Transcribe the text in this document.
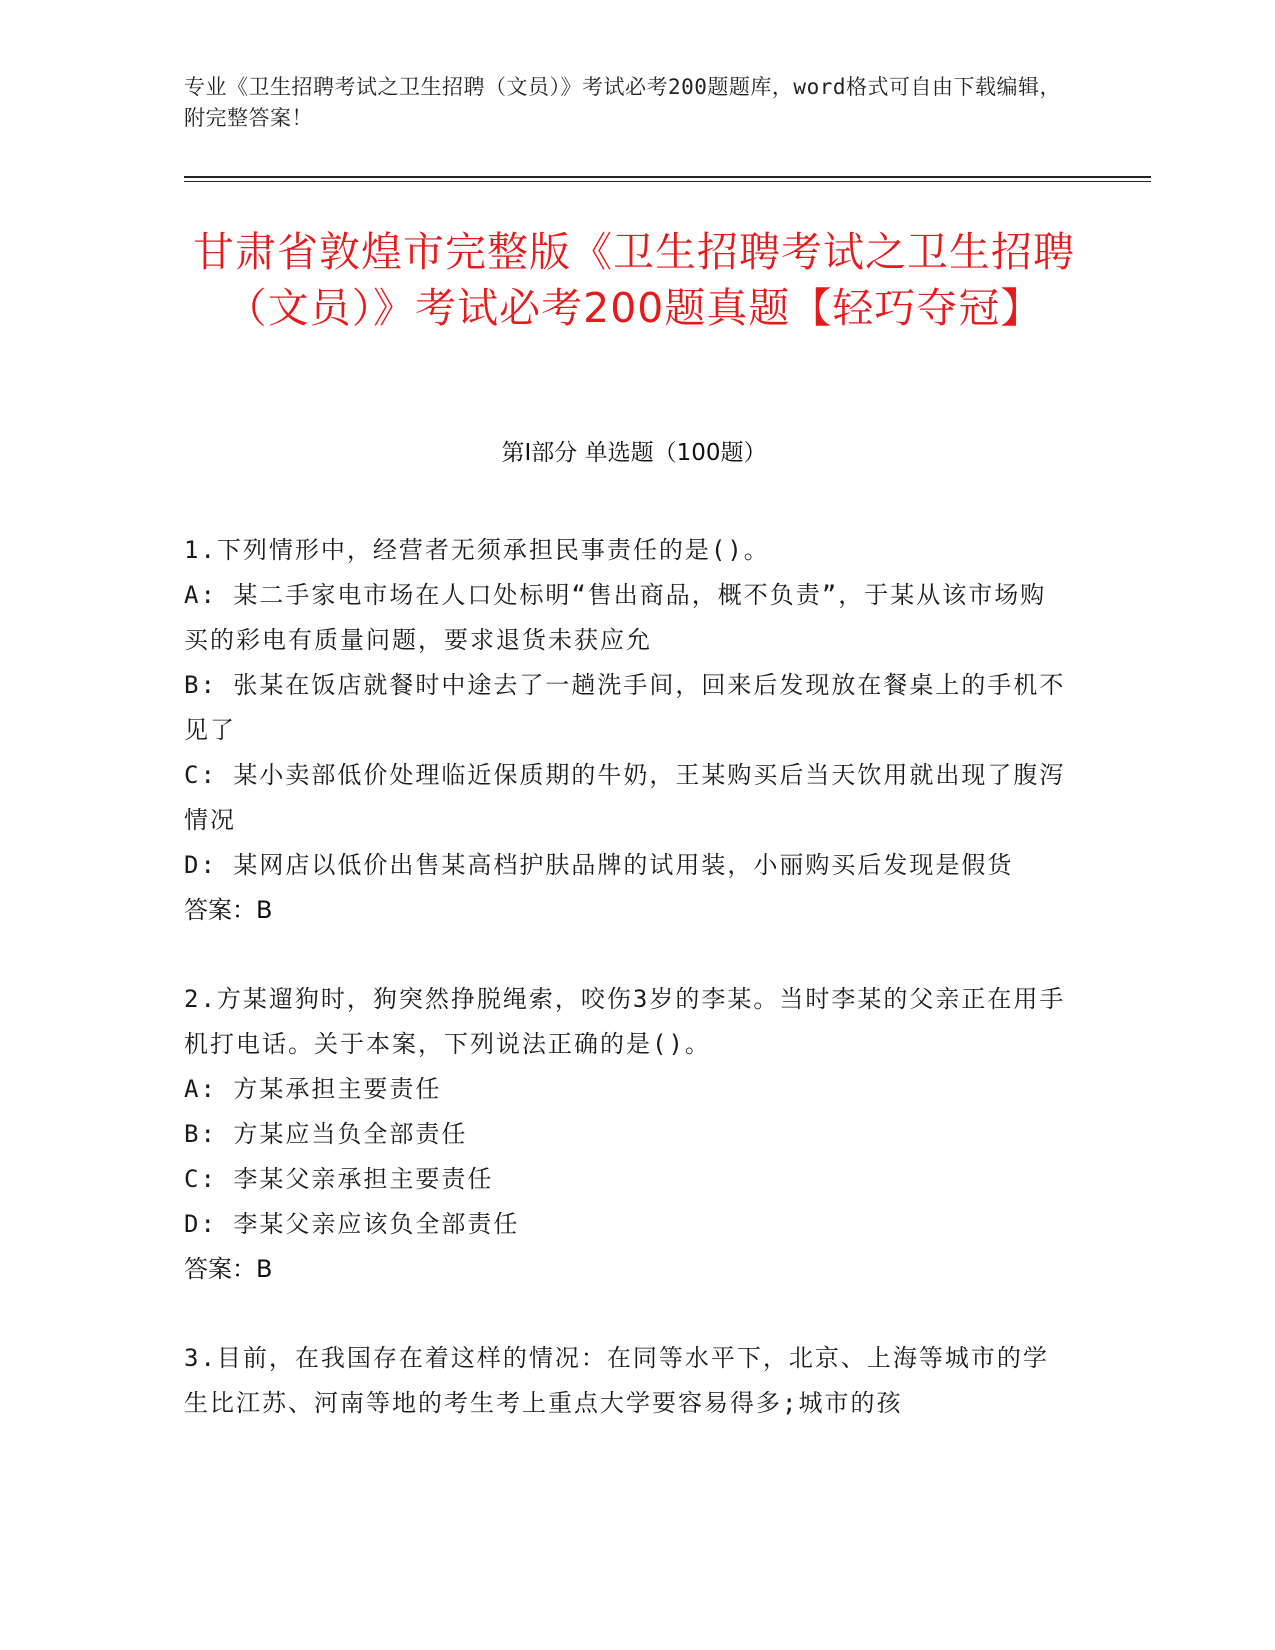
专业《卫生招聘考试之卫生招聘（文员）》考试必考200题题库，word格式可自由下载编辑，附完整答案！
甘肃省敦煌市完整版《卫生招聘考试之卫生招聘（文员）》考试必考200题真题【轻巧夺冠】
第I部分 单选题（100题）

1.下列情形中，经营者无须承担民事责任的是()。

A: 某二手家电市场在人口处标明“售出商品，概不负责”，于某从该市场购买的彩电有质量问题，要求退货未获应允

B: 张某在饭店就餐时中途去了一趟洗手间，回来后发现放在餐桌上的手机不见了

C: 某小卖部低价处理临近保质期的牛奶，王某购买后当天饮用就出现了腹泻情况

D: 某网店以低价出售某高档护肤品牌的试用装，小丽购买后发现是假货

答案：B

2.方某遛狗时，狗突然挣脱绳索，咬伤3岁的李某。当时李某的父亲正在用手机打电话。关于本案，下列说法正确的是()。

A: 方某承担主要责任

B: 方某应当负全部责任

C: 李某父亲承担主要责任

D: 李某父亲应该负全部责任

答案：B

3.目前，在我国存在着这样的情况：在同等水平下，北京、上海等城市的学生比江苏、河南等地的考生考上重点大学要容易得多;城市的孩
